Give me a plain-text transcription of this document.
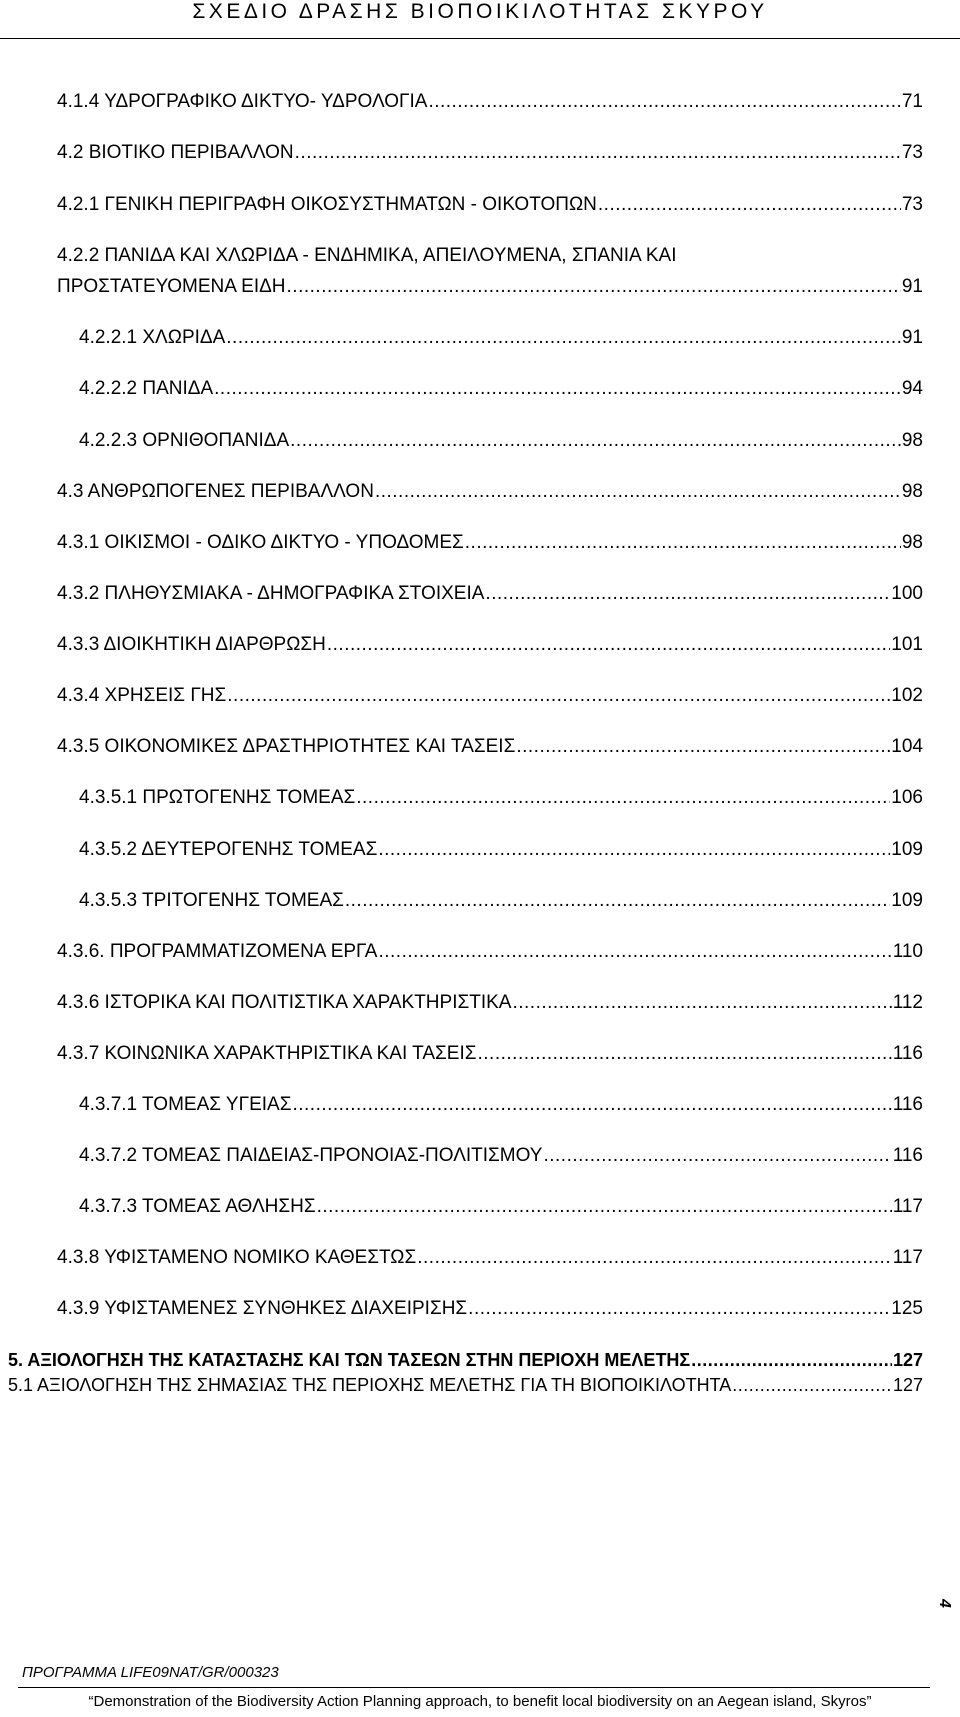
ΣΧΕΔΙΟ ΔΡΑΣΗΣ ΒΙΟΠΟΙΚΙΛΟΤΗΤΑΣ ΣΚΥΡΟΥ
4.1.4 ΥΔΡΟΓΡΑΦΙΚΟ ΔΙΚΤΥΟ- ΥΔΡΟΛΟΓΙΑ .....	71
4.2 ΒΙΟΤΙΚΟ ΠΕΡΙΒΑΛΛΟΝ .....	73
4.2.1 ΓΕΝΙΚΗ ΠΕΡΙΓΡΑΦΗ ΟΙΚΟΣΥΣΤΗΜΑΤΩΝ - ΟΙΚΟΤΟΠΩΝ .....	73
4.2.2 ΠΑΝΙΔΑ ΚΑΙ ΧΛΩΡΙΔΑ - ΕΝΔΗΜΙΚΑ, ΑΠΕΙΛΟΥΜΕΝΑ, ΣΠΑΝΙΑ ΚΑΙ
ΠΡΟΣΤΑΤΕΥΟΜΕΝΑ ΕΙΔΗ .....	91
4.2.2.1 ΧΛΩΡΙΔΑ .....	91
4.2.2.2 ΠΑΝΙΔΑ .....	94
4.2.2.3 ΟΡΝΙΘΟΠΑΝΙΔΑ .....	98
4.3 ΑΝΘΡΩΠΟΓΕΝΕΣ ΠΕΡΙΒΑΛΛΟΝ .....	98
4.3.1 ΟΙΚΙΣΜΟΙ - ΟΔΙΚΟ ΔΙΚΤΥΟ - ΥΠΟΔΟΜΕΣ .....	98
4.3.2 ΠΛΗΘΥΣΜΙΑΚΑ - ΔΗΜΟΓΡΑΦΙΚΑ ΣΤΟΙΧΕΙΑ .....	100
4.3.3 ΔΙΟΙΚΗΤΙΚΗ ΔΙΑΡΘΡΩΣΗ .....	101
4.3.4 ΧΡΗΣΕΙΣ ΓΗΣ .....	102
4.3.5 ΟΙΚΟΝΟΜΙΚΕΣ ΔΡΑΣΤΗΡΙΟΤΗΤΕΣ ΚΑΙ ΤΑΣΕΙΣ .....	104
4.3.5.1 ΠΡΩΤΟΓΕΝΗΣ ΤΟΜΕΑΣ .....	106
4.3.5.2 ΔΕΥΤΕΡΟΓΕΝΗΣ ΤΟΜΕΑΣ .....	109
4.3.5.3 ΤΡΙΤΟΓΕΝΗΣ ΤΟΜΕΑΣ .....	109
4.3.6. ΠΡΟΓΡΑΜΜΑΤΙΖΟΜΕΝΑ ΕΡΓΑ .....	110
4.3.6 ΙΣΤΟΡΙΚΑ ΚΑΙ ΠΟΛΙΤΙΣΤΙΚΑ ΧΑΡΑΚΤΗΡΙΣΤΙΚΑ .....	112
4.3.7 ΚΟΙΝΩΝΙΚΑ ΧΑΡΑΚΤΗΡΙΣΤΙΚΑ ΚΑΙ ΤΑΣΕΙΣ .....	116
4.3.7.1 ΤΟΜΕΑΣ ΥΓΕΙΑΣ .....	116
4.3.7.2 ΤΟΜΕΑΣ ΠΑΙΔΕΙΑΣ-ΠΡΟΝΟΙΑΣ-ΠΟΛΙΤΙΣΜΟΥ .....	116
4.3.7.3 ΤΟΜΕΑΣ ΑΘΛΗΣΗΣ .....	117
4.3.8 ΥΦΙΣΤΑΜΕΝΟ ΝΟΜΙΚΟ ΚΑΘΕΣΤΩΣ .....	117
4.3.9 ΥΦΙΣΤΑΜΕΝΕΣ ΣΥΝΘΗΚΕΣ ΔΙΑΧΕΙΡΙΣΗΣ .....	125
5. ΑΞΙΟΛΟΓΗΣΗ ΤΗΣ ΚΑΤΑΣΤΑΣΗΣ ΚΑΙ ΤΩΝ ΤΑΣΕΩΝ ΣΤΗΝ ΠΕΡΙΟΧΗ ΜΕΛΕΤΗΣ .....	127
5.1 ΑΞΙΟΛΟΓΗΣΗ ΤΗΣ ΣΗΜΑΣΙΑΣ ΤΗΣ ΠΕΡΙΟΧΗΣ ΜΕΛΕΤΗΣ ΓΙΑ ΤΗ ΒΙΟΠΟΙΚΙΛΟΤΗΤΑ .....	127
4
ΠΡΟΓΡΑΜΜΑ LIFE09NAT/GR/000323
“Demonstration of the Biodiversity Action Planning approach, to benefit local biodiversity on an Aegean island, Skyros”
